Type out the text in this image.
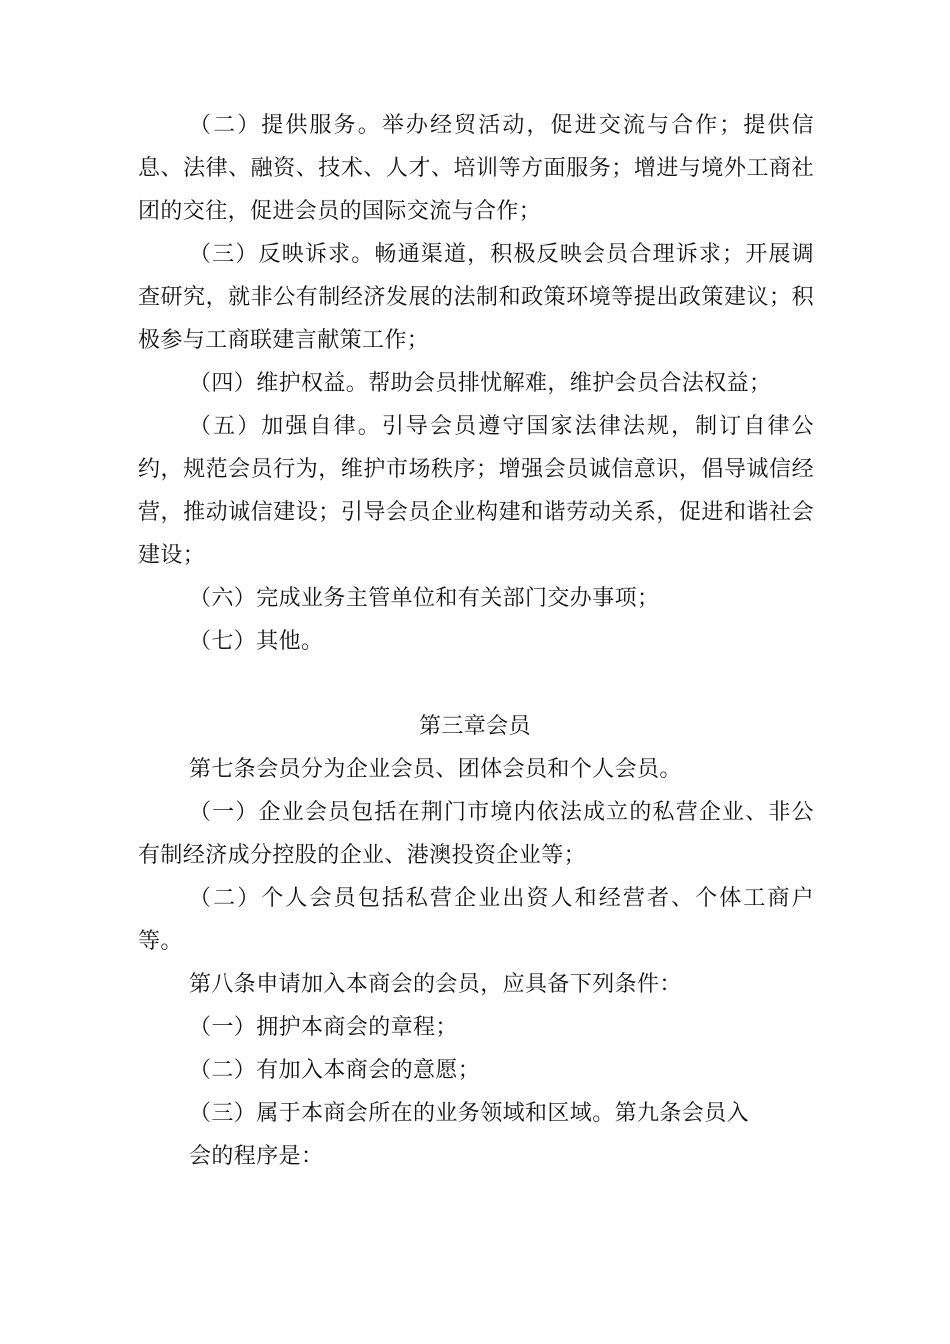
（二）提供服务。举办经贸活动，促进交流与合作；提供信息、法律、融资、技术、人才、培训等方面服务；增进与境外工商社团的交往，促进会员的国际交流与合作；

（三）反映诉求。畅通渠道，积极反映会员合理诉求；开展调查研究，就非公有制经济发展的法制和政策环境等提出政策建议；积极参与工商联建言献策工作；

（四）维护权益。帮助会员排忧解难，维护会员合法权益；

（五）加强自律。引导会员遵守国家法律法规，制订自律公约，规范会员行为，维护市场秩序；增强会员诚信意识，倡导诚信经营，推动诚信建设；引导会员企业构建和谐劳动关系，促进和谐社会建设；

（六）完成业务主管单位和有关部门交办事项；

（七）其他。

第三章会员

第七条会员分为企业会员、团体会员和个人会员。

（一）企业会员包括在荆门市境内依法成立的私营企业、非公有制经济成分控股的企业、港澳投资企业等；

（二）个人会员包括私营企业出资人和经营者、个体工商户等。

第八条申请加入本商会的会员，应具备下列条件：

（一）拥护本商会的章程；

（二）有加入本商会的意愿；

（三）属于本商会所在的业务领域和区域。第九条会员入

会的程序是：
